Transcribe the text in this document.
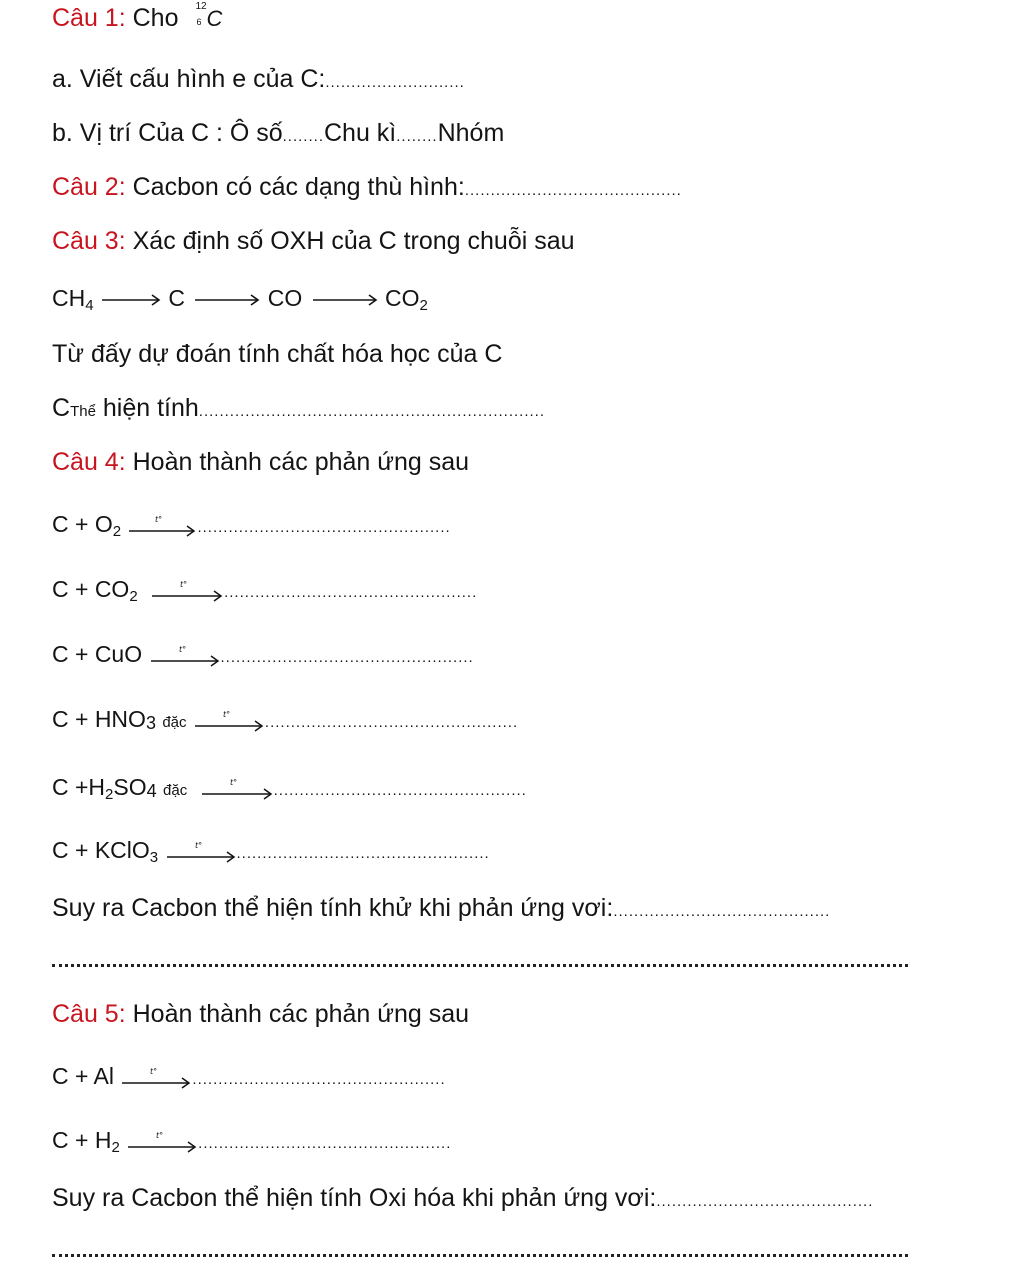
Câu 1: Cho 12
6 C
a. Viết cấu hình e của C:...........................
b. Vị trí Của C : Ô số........Chu kì........Nhóm
Câu 2: Cacbon có các dạng thù hình:..........................................
Câu 3: Xác định số OXH của C trong chuỗi sau
$CH_4 \to C$ → CO → $CO_2$
Từ đấy dự đoán tính chất hóa học của C
CThể hiện tính...................................................................
Câu 4: Hoàn thành các phản ứng sau
$C + O_2$
t° .................................................
$C + CO_2$
t° .................................................
C + CuO	t° .................................................
$C + HNO_3$ đặc	t° .................................................
$C +H_2SO_4$ đặc	t° .................................................
C + KClO$_3$
t° .................................................
Suy ra Cacbon thể hiện tính khử khi phản ứng vơi:..........................................
Câu 5: Hoàn thành các phản ứng sau
C + Al	t° .................................................
$C + H_2$
t° .................................................
Suy ra Cacbon thể hiện tính Oxi hóa khi phản ứng vơi:..........................................
